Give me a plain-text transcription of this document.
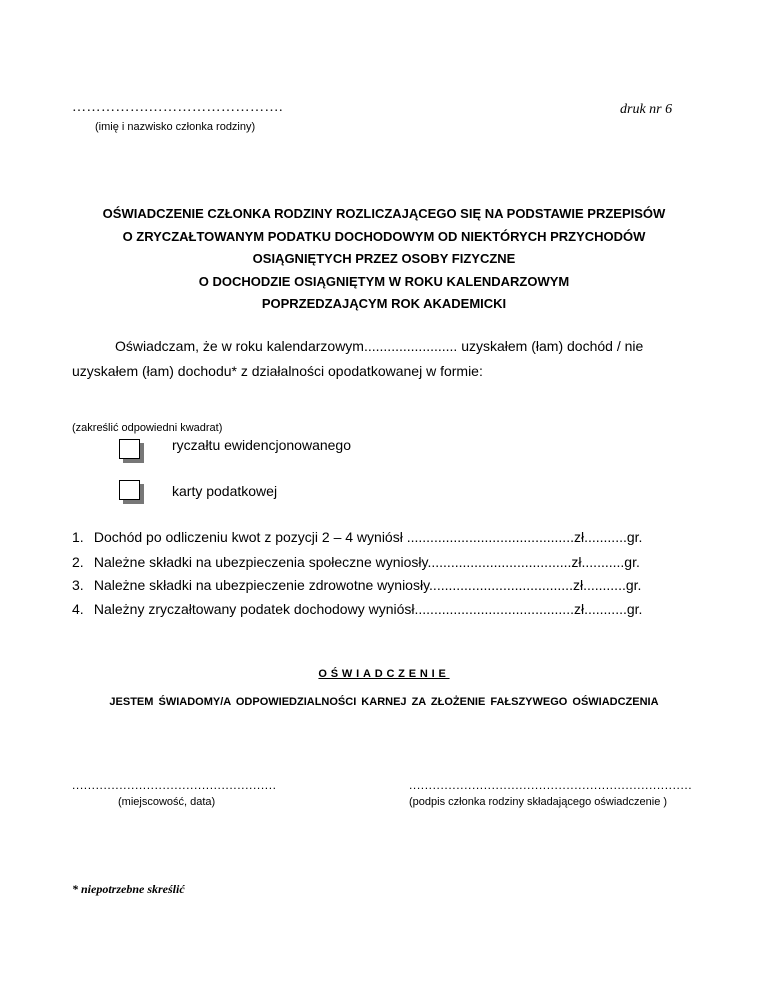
…………….……………………….
(imię i nazwisko członka rodziny)
druk nr 6
OŚWIADCZENIE CZŁONKA RODZINY ROZLICZAJĄCEGO SIĘ NA PODSTAWIE PRZEPISÓW
O ZRYCZAŁTOWANYM PODATKU DOCHODOWYM OD NIEKTÓRYCH PRZYCHODÓW
OSIĄGNIĘTYCH PRZEZ OSOBY FIZYCZNE
O DOCHODZIE OSIĄGNIĘTYM W ROKU KALENDARZOWYM
POPRZEDZAJĄCYM ROK AKADEMICKI
Oświadczam, że w roku kalendarzowym........................ uzyskałem (łam) dochód / nie
uzyskałem (łam) dochodu* z działalności opodatkowanej w formie:
(zakreślić odpowiedni kwadrat)
ryczałtu ewidencjonowanego
karty podatkowej
1. Dochód po odliczeniu kwot z pozycji 2 – 4 wyniósł ...........................................zł...........gr.
2. Należne składki na ubezpieczenia społeczne wyniosły.....................................zł...........gr.
3. Należne składki na ubezpieczenie zdrowotne wyniosły.....................................zł...........gr.
4. Należny zryczałtowany podatek dochodowy wyniósł.........................................zł...........gr.
OŚWIADCZENIE
JESTEM ŚWIADOMY/A ODPOWIEDZIALNOŚCI KARNEJ ZA ZŁOŻENIE FAŁSZYWEGO OŚWIADCZENIA
....................................................	........................................................................
(miejscowość, data)	(podpis członka rodziny składającego oświadczenie )
* niepotrzebne skreślić
